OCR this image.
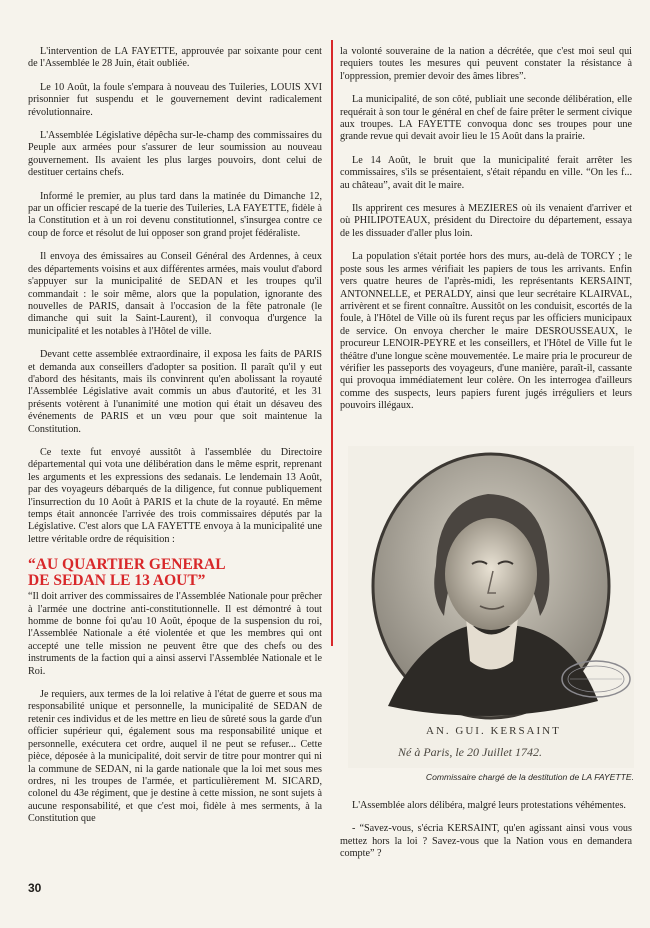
L'intervention de LA FAYETTE, approuvée par soixante pour cent de l'Assemblée le 28 Juin, était oubliée.

Le 10 Août, la foule s'empara à nouveau des Tuileries, LOUIS XVI prisonnier fut suspendu et le gouvernement devint radicalement révolutionnaire.

L'Assemblée Législative dépêcha sur-le-champ des commissaires du Peuple aux armées pour s'assurer de leur soumission au nouveau gouvernement. Ils avaient les plus larges pouvoirs, dont celui de destituer certains chefs.

Informé le premier, au plus tard dans la matinée du Dimanche 12, par un officier rescapé de la tuerie des Tuileries, LA FAYETTE, fidèle à la Constitution et à un roi devenu constitutionnel, s'insurgea contre ce coup de force et résolut de lui opposer son grand projet fédéraliste.

Il envoya des émissaires au Conseil Général des Ardennes, à ceux des départements voisins et aux différentes armées, mais voulut d'abord s'appuyer sur la municipalité de SEDAN et les troupes qu'il commandait : le soir même, alors que la population, ignorante des nouvelles de PARIS, dansait à l'occasion de la fête patronale (le dimanche qui suit la Saint-Laurent), il convoqua d'urgence la municipalité et les notables à l'Hôtel de ville.

Devant cette assemblée extraordinaire, il exposa les faits de PARIS et demanda aux conseillers d'adopter sa position. Il paraît qu'il y eut d'abord des hésitants, mais ils convinrent qu'en abolissant la royauté l'Assemblée Législative avait commis un abus d'autorité, et les 31 présents votèrent à l'unanimité une motion qui était un désaveu des événements de PARIS et un vœu pour que soit maintenue la Constitution.

Ce texte fut envoyé aussitôt à l'assemblée du Directoire départemental qui vota une délibération dans le même esprit, reprenant les arguments et les expressions des sedanais. Le lendemain 13 Août, par des voyageurs débarqués de la diligence, fut connue publiquement l'insurrection du 10 Août à PARIS et la chute de la royauté. En même temps était annoncée l'arrivée des trois commissaires députés par la Législative. C'est alors que LA FAYETTE envoya à la municipalité une lettre véritable ordre de réquisition :

“AU QUARTIER GENERAL
DE SEDAN LE 13 AOUT”

“Il doit arriver des commissaires de l'Assemblée Nationale pour prêcher à l'armée une doctrine anti-constitutionnelle. Il est démontré à tout homme de bonne foi qu'au 10 Août, époque de la suspension du roi, l'Assemblée Nationale a été violentée et que les membres qui ont accepté une telle mission ne peuvent être que des chefs ou des instruments de la faction qui a ainsi asservi l'Assemblée Nationale et le Roi.

Je requiers, aux termes de la loi relative à l'état de guerre et sous ma responsabilité unique et personnelle, la municipalité de SEDAN de retenir ces individus et de les mettre en lieu de sûreté sous la garde d'un officier supérieur qui, également sous ma responsabilité unique et personnelle, exécutera cet ordre, auquel il ne peut se refuser... Cette pièce, déposée à la municipalité, doit servir de titre pour montrer qui ni la commune de SEDAN, ni la garde nationale que la loi met sous mes ordres, ni les troupes de l'armée, et particulièrement M. SICARD, colonel du 43e régiment, que je destine à cette mission, ne sont sujets à aucune responsabilité, et que c'est moi, fidèle à mes serments, à la Constitution que

la volonté souveraine de la nation a décrétée, que c'est moi seul qui requiers toutes les mesures qui peuvent constater la résistance à l'oppression, premier devoir des âmes libres”.

La municipalité, de son côté, publiait une seconde délibération, elle requérait à son tour le général en chef de faire prêter le serment civique aux troupes. LA FAYETTE convoqua donc ses troupes pour une grande revue qui devait avoir lieu le 15 Août dans la prairie.

Le 14 Août, le bruit que la municipalité ferait arrêter les commissaires, s'ils se présentaient, s'était répandu en ville. “On les f... au château”, avait dit le maire.

Ils apprirent ces mesures à MEZIERES où ils venaient d'arriver et où PHILIPOTEAUX, président du Directoire du département, essaya de les dissuader d'aller plus loin.

La population s'était portée hors des murs, au-delà de TORCY ; le poste sous les armes vérifiait les papiers de tous les arrivants. Enfin vers quatre heures de l'après-midi, les représentants KERSAINT, ANTONNELLE, et PERALDY, ainsi que leur secrétaire KLAIRVAL, arrivèrent et se firent connaître. Aussitôt on les conduisit, escortés de la foule, à l'Hôtel de Ville où ils furent reçus par les officiers municipaux de service. On envoya chercher le maire DESROUSSEAUX, le procureur LENOIR-PEYRE et les conseillers, et l'Hôtel de Ville fut le théâtre d'une longue scène mouvementée. Le maire pria le procureur de vérifier les passeports des voyageurs, d'une manière, paraît-il, cassante qui provoqua immédiatement leur colère. On les interrogea d'ailleurs comme des suspects, leurs papiers furent jugés irréguliers et leurs pouvoirs illégaux.

AN. GUI. KERSAINT
Né à Paris, le 20 Juillet 1742.
Commissaire chargé de la destitution de LA FAYETTE.

L'Assemblée alors délibéra, malgré leurs protestations véhémentes.

- “Savez-vous, s'écria KERSAINT, qu'en agissant ainsi vous vous mettez hors la loi ? Savez-vous que la Nation vous en demandera compte” ?

30
